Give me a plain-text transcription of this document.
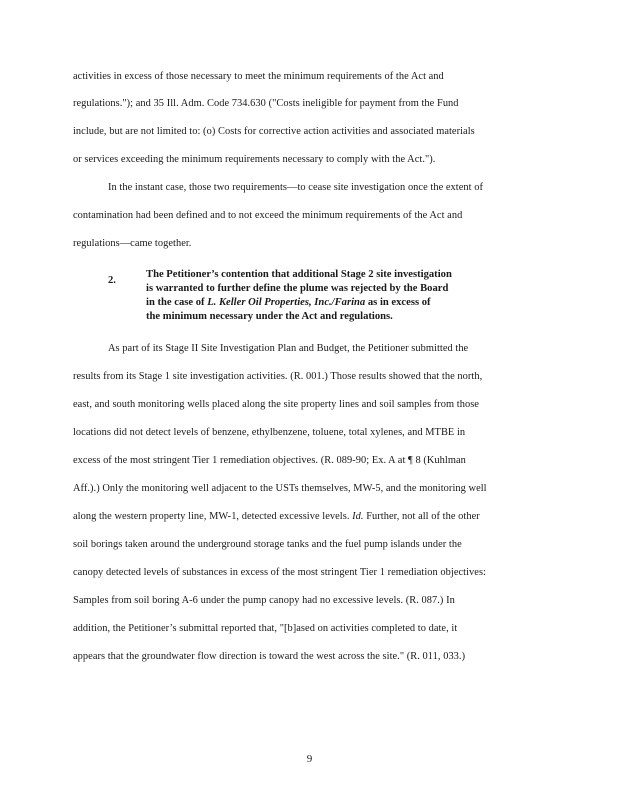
activities in excess of those necessary to meet the minimum requirements of the Act and
regulations."); and 35 Ill. Adm. Code 734.630 ("Costs ineligible for payment from the Fund
include, but are not limited to: (o) Costs for corrective action activities and associated materials
or services exceeding the minimum requirements necessary to comply with the Act.").
In the instant case, those two requirements—to cease site investigation once the extent of
contamination had been defined and to not exceed the minimum requirements of the Act and
regulations—came together.
2.
The Petitioner’s contention that additional Stage 2 site investigation
is warranted to further define the plume was rejected by the Board
in the case of L. Keller Oil Properties, Inc./Farina as in excess of
the minimum necessary under the Act and regulations.
As part of its Stage II Site Investigation Plan and Budget, the Petitioner submitted the
results from its Stage 1 site investigation activities. (R. 001.) Those results showed that the north,
east, and south monitoring wells placed along the site property lines and soil samples from those
locations did not detect levels of benzene, ethylbenzene, toluene, total xylenes, and MTBE in
excess of the most stringent Tier 1 remediation objectives. (R. 089-90; Ex. A at ¶ 8 (Kuhlman
Aff.).) Only the monitoring well adjacent to the USTs themselves, MW-5, and the monitoring well
along the western property line, MW-1, detected excessive levels. Id. Further, not all of the other
soil borings taken around the underground storage tanks and the fuel pump islands under the
canopy detected levels of substances in excess of the most stringent Tier 1 remediation objectives:
Samples from soil boring A-6 under the pump canopy had no excessive levels. (R. 087.) In
addition, the Petitioner’s submittal reported that, "[b]ased on activities completed to date, it
appears that the groundwater flow direction is toward the west across the site." (R. 011, 033.)
9
